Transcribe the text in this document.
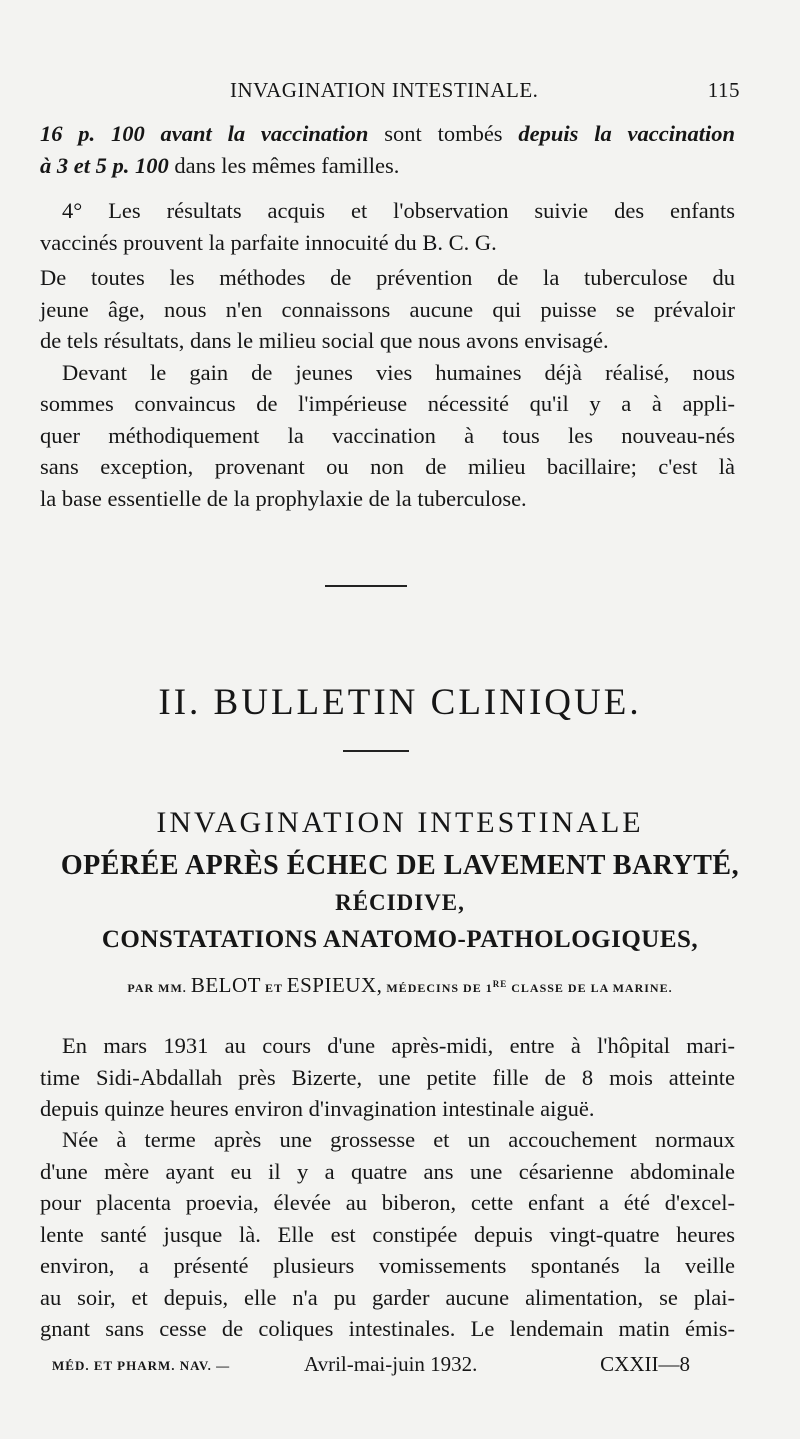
INVAGINATION INTESTINALE.	115
16 p. 100 avant la vaccination sont tombés depuis la vaccination
à 3 et 5 p. 100 dans les mêmes familles.
4° Les résultats acquis et l'observation suivie des enfants
vaccinés prouvent la parfaite innocuité du B. C. G.
De toutes les méthodes de prévention de la tuberculose du
jeune âge, nous n'en connaissons aucune qui puisse se prévaloir
de tels résultats, dans le milieu social que nous avons envisagé.
Devant le gain de jeunes vies humaines déjà réalisé, nous
sommes convaincus de l'impérieuse nécessité qu'il y a à appli-
quer méthodiquement la vaccination à tous les nouveau-nés
sans exception, provenant ou non de milieu bacillaire; c'est là
la base essentielle de la prophylaxie de la tuberculose.
II. BULLETIN CLINIQUE.
INVAGINATION INTESTINALE
OPÉRÉE APRÈS ÉCHEC DE LAVEMENT BARYTÉ,
RÉCIDIVE,
CONSTATATIONS ANATOMO-PATHOLOGIQUES,
PAR MM. BELOT ET ESPIEUX, MÉDECINS DE 1RE CLASSE DE LA MARINE.
En mars 1931 au cours d'une après-midi, entre à l'hôpital mari-
time Sidi-Abdallah près Bizerte, une petite fille de 8 mois atteinte
depuis quinze heures environ d'invagination intestinale aiguë.
Née à terme après une grossesse et un accouchement normaux
d'une mère ayant eu il y a quatre ans une césarienne abdominale
pour placenta proevia, élevée au biberon, cette enfant a été d'excel-
lente santé jusque là. Elle est constipée depuis vingt-quatre heures
environ, a présenté plusieurs vomissements spontanés la veille
au soir, et depuis, elle n'a pu garder aucune alimentation, se plai-
gnant sans cesse de coliques intestinales. Le lendemain matin émis-
MÉD. ET PHARM. NAV. —	Avril-mai-juin 1932.	CXXII—8
